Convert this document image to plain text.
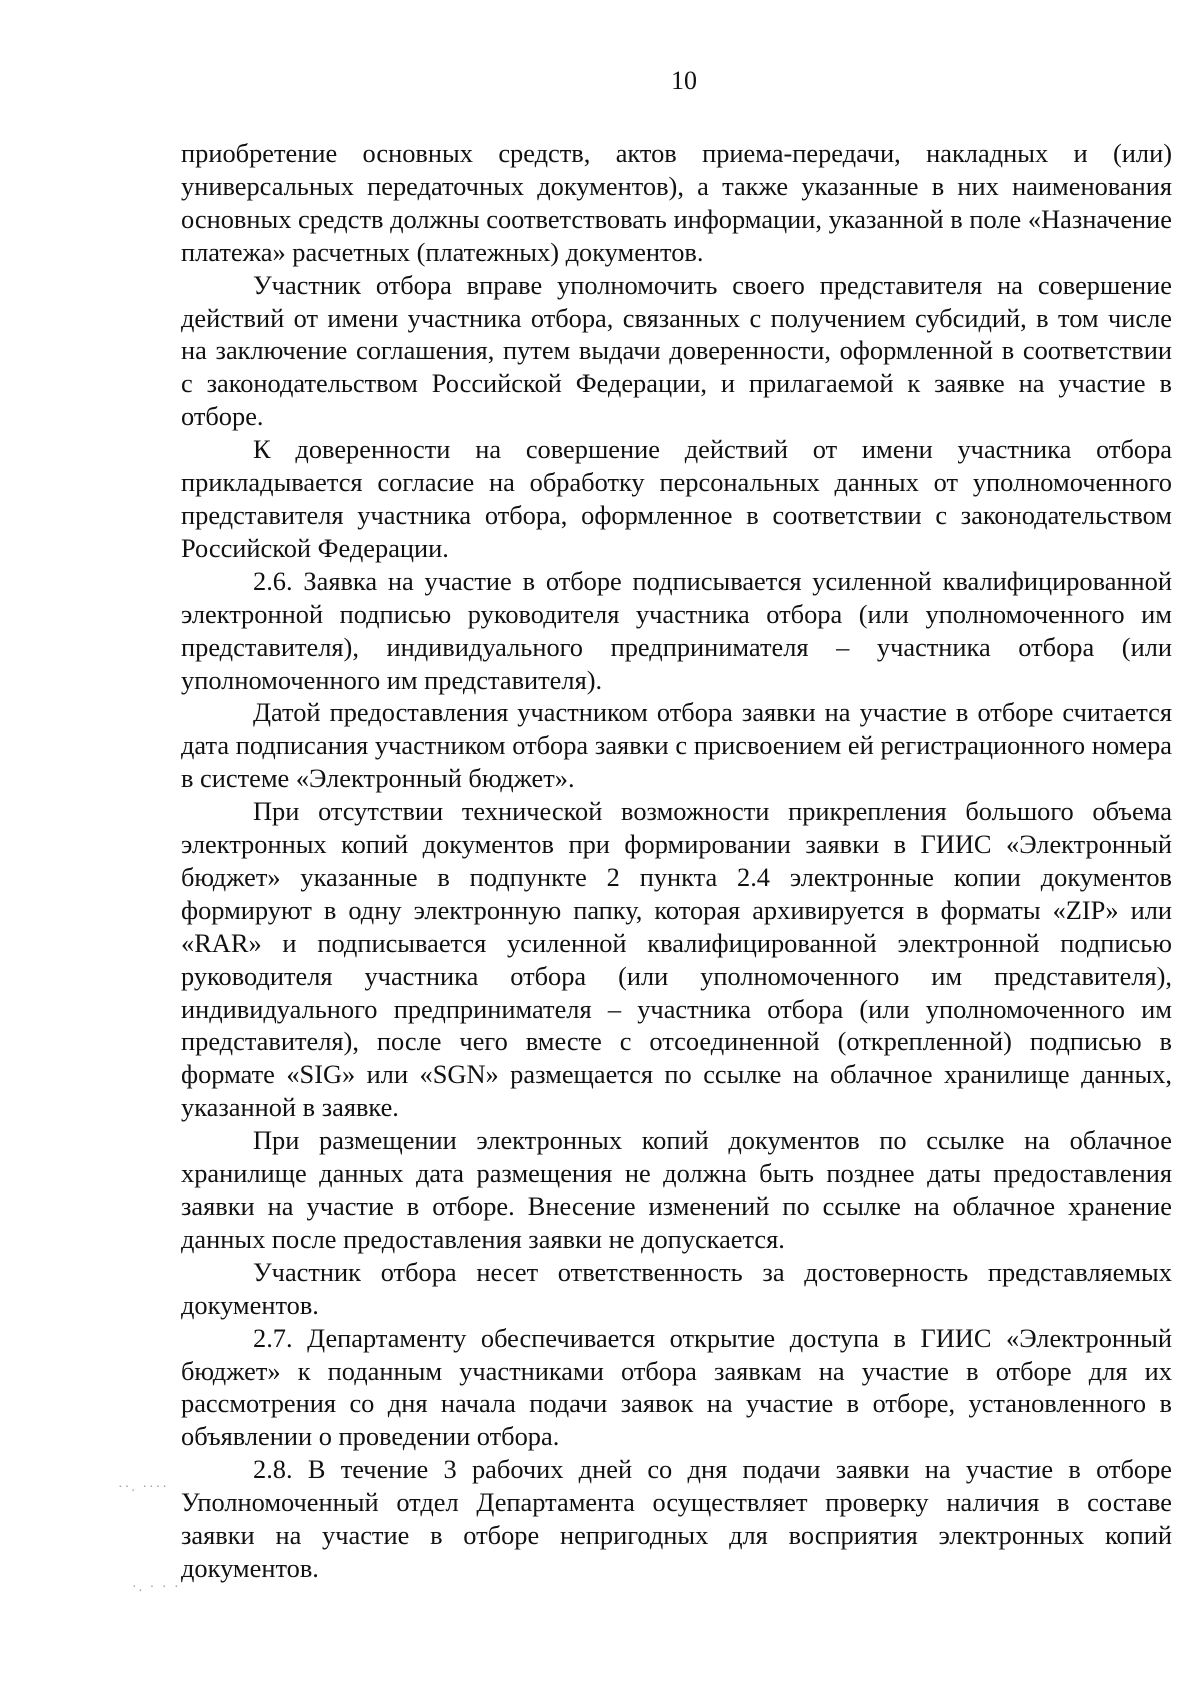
10

приобретение основных средств, актов приема-передачи, накладных и (или) универсальных передаточных документов), а также указанные в них наименования основных средств должны соответствовать информации, указанной в поле «Назначение платежа» расчетных (платежных) документов.

Участник отбора вправе уполномочить своего представителя на совершение действий от имени участника отбора, связанных с получением субсидий, в том числе на заключение соглашения, путем выдачи доверенности, оформленной в соответствии с законодательством Российской Федерации, и прилагаемой к заявке на участие в отборе.

К доверенности на совершение действий от имени участника отбора прикладывается согласие на обработку персональных данных от уполномоченного представителя участника отбора, оформленное в соответствии с законодательством Российской Федерации.

2.6. Заявка на участие в отборе подписывается усиленной квалифицированной электронной подписью руководителя участника отбора (или уполномоченного им представителя), индивидуального предпринимателя – участника отбора (или уполномоченного им представителя).

Датой предоставления участником отбора заявки на участие в отборе считается дата подписания участником отбора заявки с присвоением ей регистрационного номера в системе «Электронный бюджет».

При отсутствии технической возможности прикрепления большого объема электронных копий документов при формировании заявки в ГИИС «Электронный бюджет» указанные в подпункте 2 пункта 2.4 электронные копии документов формируют в одну электронную папку, которая архивируется в форматы «ZIP» или «RAR» и подписывается усиленной квалифицированной электронной подписью руководителя участника отбора (или уполномоченного им представителя), индивидуального предпринимателя – участника отбора (или уполномоченного им представителя), после чего вместе с отсоединенной (открепленной) подписью в формате «SIG» или «SGN» размещается по ссылке на облачное хранилище данных, указанной в заявке.

При размещении электронных копий документов по ссылке на облачное хранилище данных дата размещения не должна быть позднее даты предоставления заявки на участие в отборе. Внесение изменений по ссылке на облачное хранение данных после предоставления заявки не допускается.

Участник отбора несет ответственность за достоверность представляемых документов.

2.7. Департаменту обеспечивается открытие доступа в ГИИС «Электронный бюджет» к поданным участниками отбора заявкам на участие в отборе для их рассмотрения со дня начала подачи заявок на участие в отборе, установленного в объявлении о проведении отбора.

2.8. В течение 3 рабочих дней со дня подачи заявки на участие в отборе Уполномоченный отдел Департамента осуществляет проверку наличия в составе заявки на участие в отборе непригодных для восприятия электронных копий документов.

··. ····
·. · · ·
